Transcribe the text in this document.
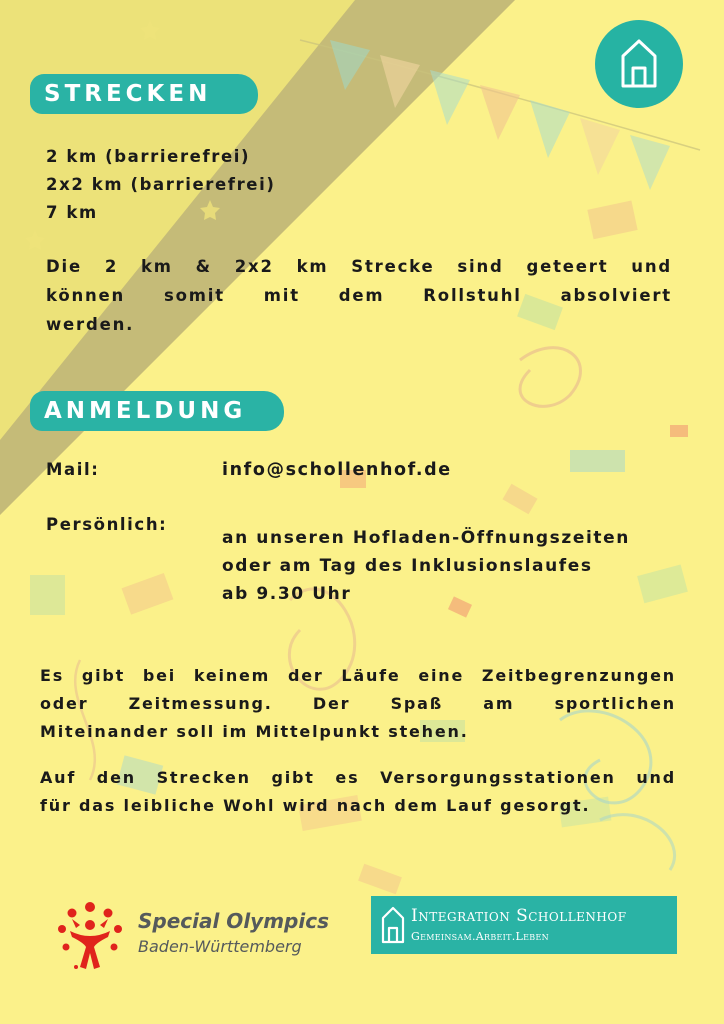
STRECKEN
2 km (barrierefrei)
2x2 km (barrierefrei)
7 km
Die 2 km & 2x2 km Strecke sind geteert und
können somit mit dem Rollstuhl absolviert
werden.
ANMELDUNG
Mail:	info@schollenhof.de
Persönlich:
an unseren Hofladen-Öffnungszeiten
oder am Tag des Inklusionslaufes
ab 9.30 Uhr
Es gibt bei keinem der Läufe eine Zeitbegrenzungen
oder Zeitmessung. Der Spaß am sportlichen
Miteinander soll im Mittelpunkt stehen.
Auf den Strecken gibt es Versorgungsstationen und
für das leibliche Wohl wird nach dem Lauf gesorgt.
Special Olympics
Baden-Württemberg
Integration Schollenhof
Gemeinsam.Arbeit.Leben
